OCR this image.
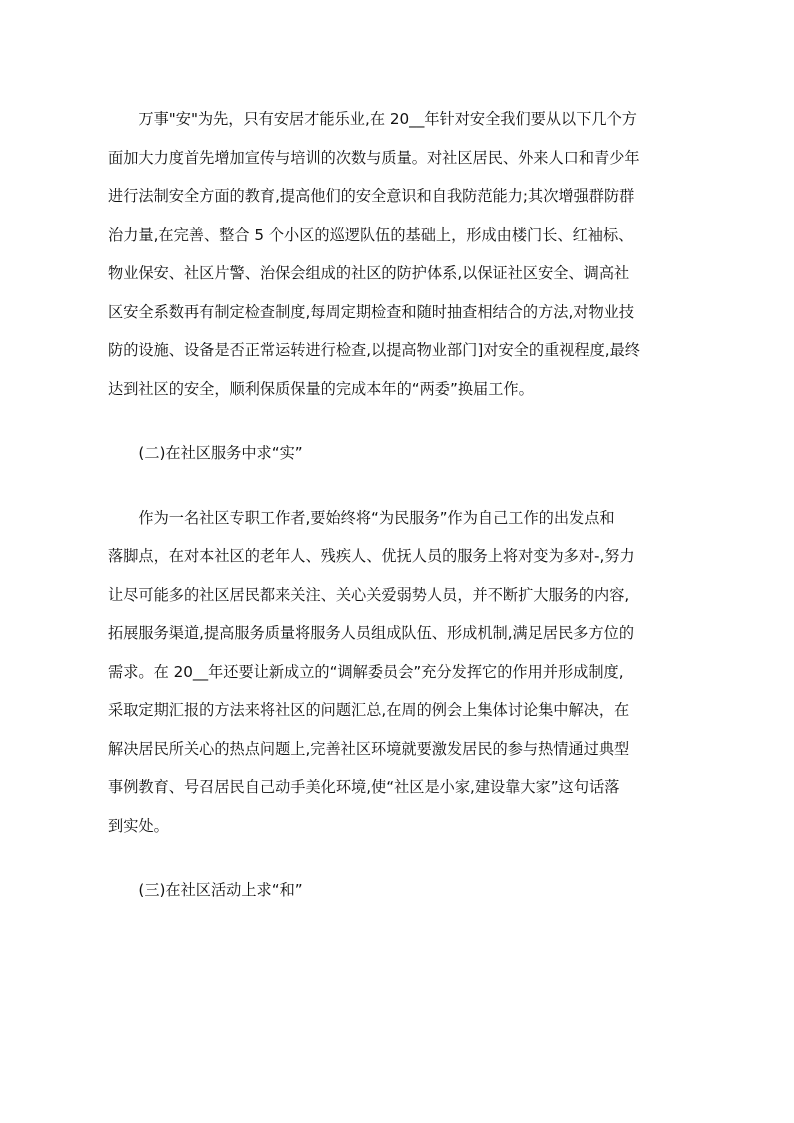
万事"安"为先，只有安居才能乐业,在 20__年针对安全我们要从以下几个方
面加大力度首先增加宣传与培训的次数与质量。对社区居民、外来人口和青少年
进行法制安全方面的教育,提高他们的安全意识和自我防范能力;其次增强群防群
治力量,在完善、整合 5 个小区的巡逻队伍的基础上，形成由楼门长、红袖标、
物业保安、社区片警、治保会组成的社区的防护体系,以保证社区安全、调高社
区安全系数再有制定检查制度,每周定期检查和随时抽查相结合的方法,对物业技
防的设施、设备是否正常运转进行检查,以提高物业部门]对安全的重视程度,最终
达到社区的安全，顺利保质保量的完成本年的“两委”换届工作。
(二)在社区服务中求“实”
作为一名社区专职工作者,要始终将“为民服务”作为自己工作的出发点和
落脚点，在对本社区的老年人、残疾人、优抚人员的服务上将对变为多对-,努力
让尽可能多的社区居民都来关注、关心关爱弱势人员，并不断扩大服务的内容,
拓展服务渠道,提高服务质量将服务人员组成队伍、形成机制,满足居民多方位的
需求。在 20__年还要让新成立的“调解委员会”充分发挥它的作用并形成制度,
采取定期汇报的方法来将社区的问题汇总,在周的例会上集体讨论集中解决，在
解决居民所关心的热点问题上,完善社区环境就要激发居民的参与热情通过典型
事例教育、号召居民自己动手美化环境,使“社区是小家,建设靠大家”这句话落
到实处。
(三)在社区活动上求“和”
